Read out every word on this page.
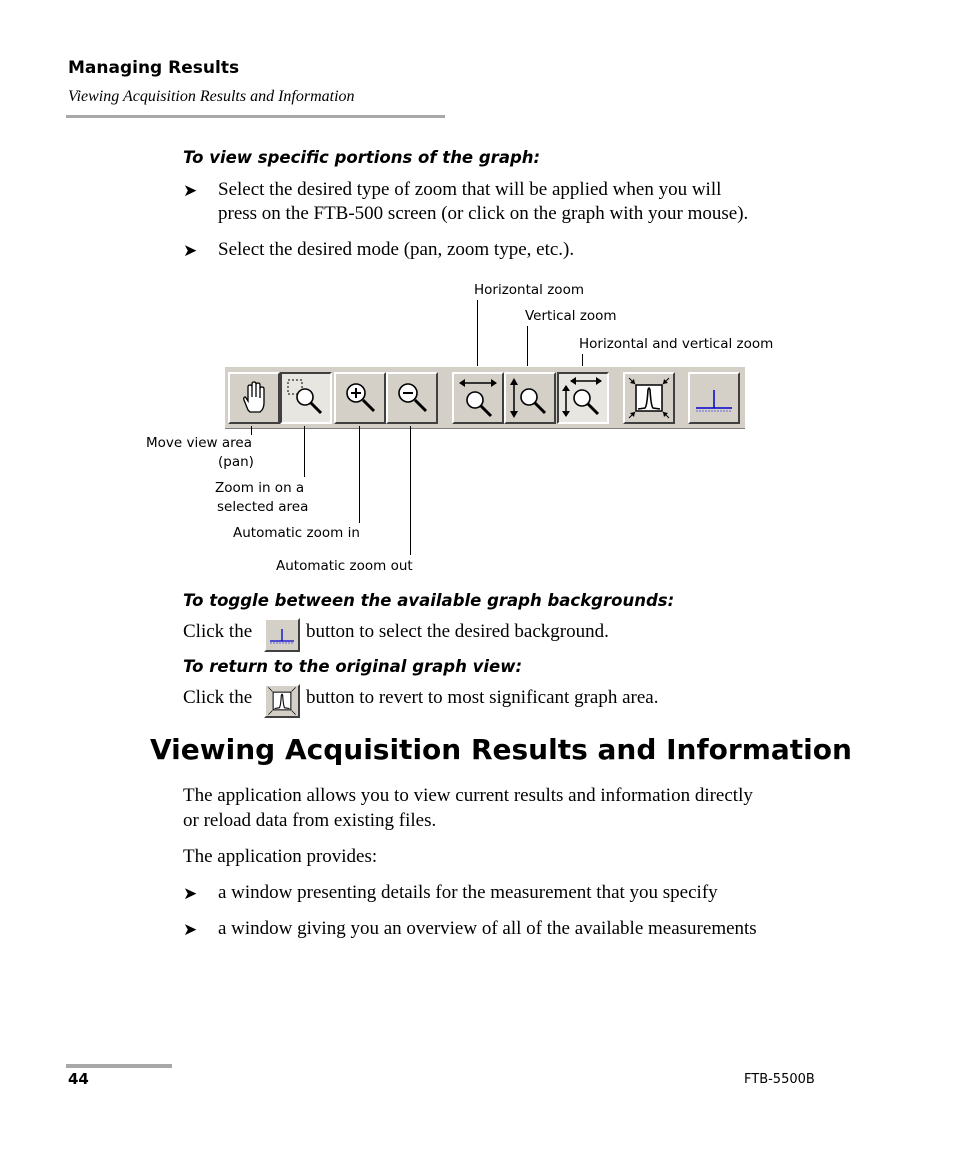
Managing Results
Viewing Acquisition Results and Information
To view specific portions of the graph:
➤ Select the desired type of zoom that will be applied when you will
press on the FTB-500 screen (or click on the graph with your mouse).
➤ Select the desired mode (pan, zoom type, etc.).
Horizontal zoom
Vertical zoom
Horizontal and vertical zoom
Move view area
(pan)
Zoom in on a
selected area
Automatic zoom in
Automatic zoom out
To toggle between the available graph backgrounds:
Click the	button to select the desired background.
To return to the original graph view:
Click the	button to revert to most significant graph area.
Viewing Acquisition Results and Information
The application allows you to view current results and information directly
or reload data from existing files.
The application provides:
➤ a window presenting details for the measurement that you specify
➤ a window giving you an overview of all of the available measurements
44	FTB-5500B
